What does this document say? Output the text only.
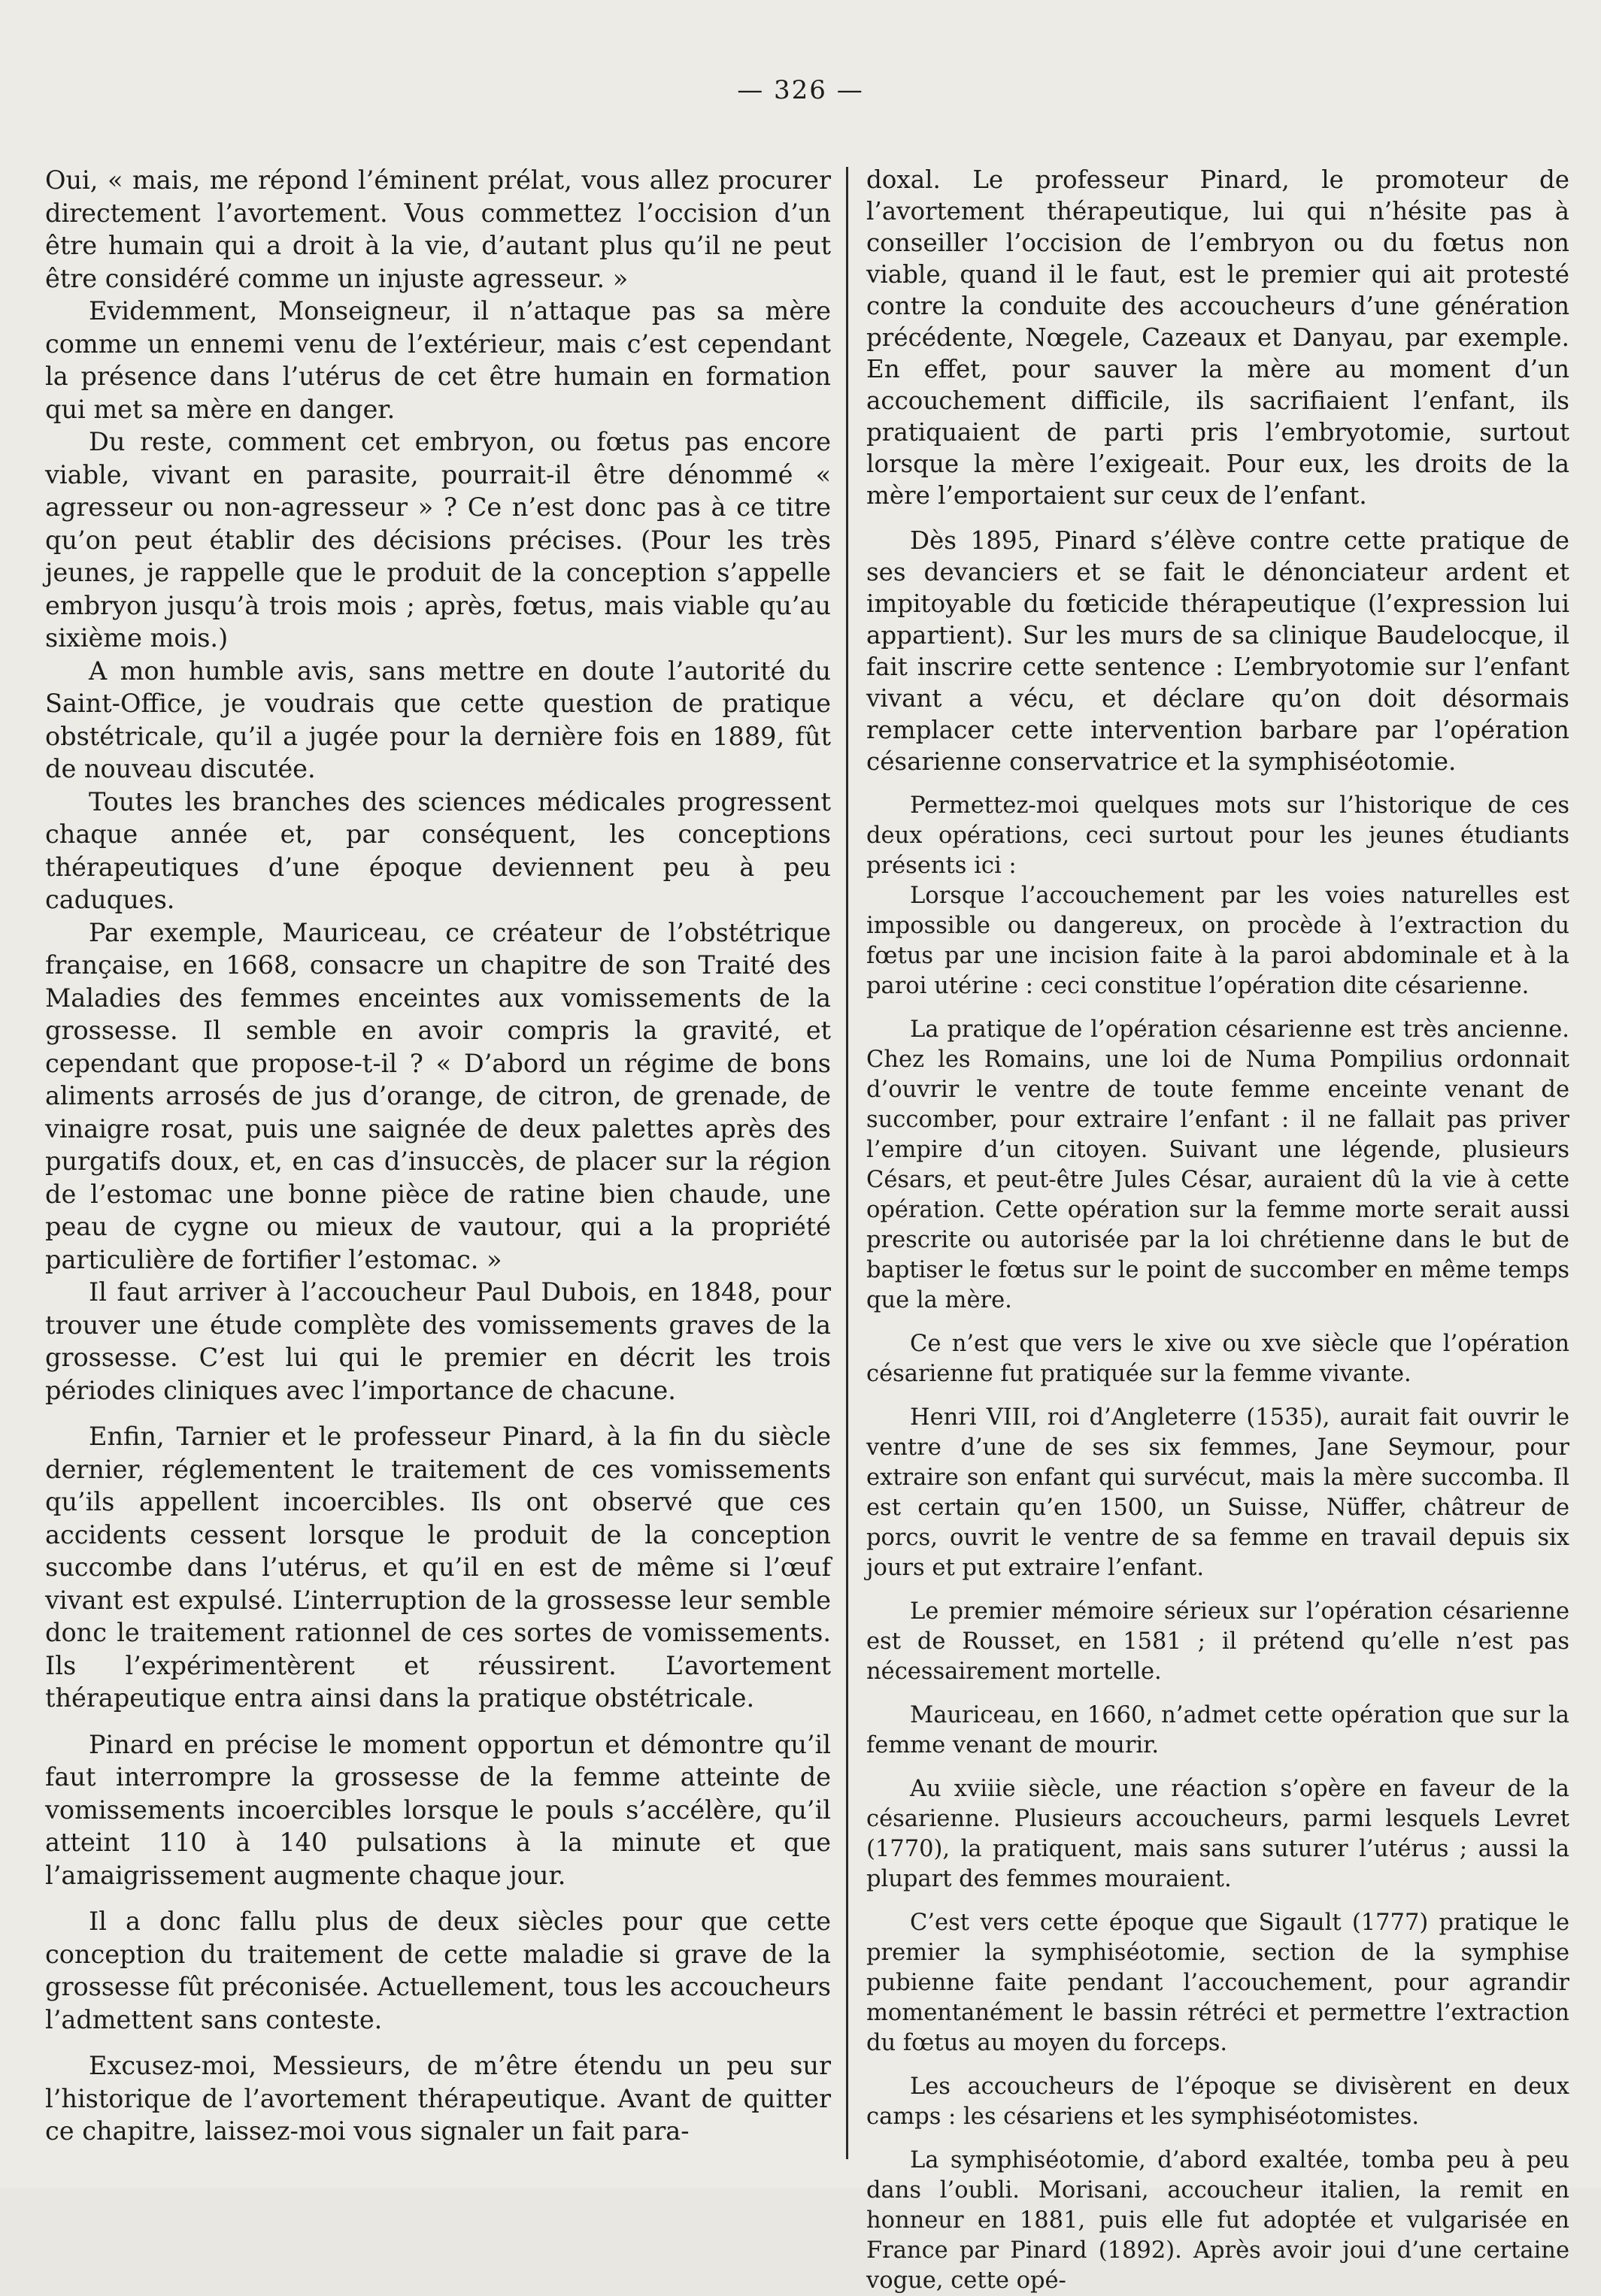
— 326 —

Oui, « mais, me répond l’éminent prélat, vous allez procurer directement l’avortement. Vous commettez l’occision d’un être humain qui a droit à la vie, d’autant plus qu’il ne peut être considéré comme un injuste agresseur. »

Evidemment, Monseigneur, il n’attaque pas sa mère comme un ennemi venu de l’extérieur, mais c’est cependant la présence dans l’utérus de cet être humain en formation qui met sa mère en danger.

Du reste, comment cet embryon, ou fœtus pas encore viable, vivant en parasite, pourrait-il être dénommé « agresseur ou non-agresseur » ? Ce n’est donc pas à ce titre qu’on peut établir des décisions précises. (Pour les très jeunes, je rappelle que le produit de la conception s’appelle embryon jusqu’à trois mois ; après, fœtus, mais viable qu’au sixième mois.)

A mon humble avis, sans mettre en doute l’autorité du Saint-Office, je voudrais que cette question de pratique obstétricale, qu’il a jugée pour la dernière fois en 1889, fût de nouveau discutée.

Toutes les branches des sciences médicales progressent chaque année et, par conséquent, les conceptions thérapeutiques d’une époque deviennent peu à peu caduques.

Par exemple, Mauriceau, ce créateur de l’obstétrique française, en 1668, consacre un chapitre de son Traité des Maladies des femmes enceintes aux vomissements de la grossesse. Il semble en avoir compris la gravité, et cependant que propose-t-il ? « D’abord un régime de bons aliments arrosés de jus d’orange, de citron, de grenade, de vinaigre rosat, puis une saignée de deux palettes après des purgatifs doux, et, en cas d’insuccès, de placer sur la région de l’estomac une bonne pièce de ratine bien chaude, une peau de cygne ou mieux de vautour, qui a la propriété particulière de fortifier l’estomac. »

Il faut arriver à l’accoucheur Paul Dubois, en 1848, pour trouver une étude complète des vomissements graves de la grossesse. C’est lui qui le premier en décrit les trois périodes cliniques avec l’importance de chacune.

Enfin, Tarnier et le professeur Pinard, à la fin du siècle dernier, réglementent le traitement de ces vomissements qu’ils appellent incoercibles. Ils ont observé que ces accidents cessent lorsque le produit de la conception succombe dans l’utérus, et qu’il en est de même si l’œuf vivant est expulsé. L’interruption de la grossesse leur semble donc le traitement rationnel de ces sortes de vomissements. Ils l’expérimentèrent et réussirent. L’avortement thérapeutique entra ainsi dans la pratique obstétricale.

Pinard en précise le moment opportun et démontre qu’il faut interrompre la grossesse de la femme atteinte de vomissements incoercibles lorsque le pouls s’accélère, qu’il atteint 110 à 140 pulsations à la minute et que l’amaigrissement augmente chaque jour.

Il a donc fallu plus de deux siècles pour que cette conception du traitement de cette maladie si grave de la grossesse fût préconisée. Actuellement, tous les accoucheurs l’admettent sans conteste.

Excusez-moi, Messieurs, de m’être étendu un peu sur l’historique de l’avortement thérapeutique. Avant de quitter ce chapitre, laissez-moi vous signaler un fait para-

doxal. Le professeur Pinard, le promoteur de l’avortement thérapeutique, lui qui n’hésite pas à conseiller l’occision de l’embryon ou du fœtus non viable, quand il le faut, est le premier qui ait protesté contre la conduite des accoucheurs d’une génération précédente, Nœgele, Cazeaux et Danyau, par exemple. En effet, pour sauver la mère au moment d’un accouchement difficile, ils sacrifiaient l’enfant, ils pratiquaient de parti pris l’embryotomie, surtout lorsque la mère l’exigeait. Pour eux, les droits de la mère l’emportaient sur ceux de l’enfant.

Dès 1895, Pinard s’élève contre cette pratique de ses devanciers et se fait le dénonciateur ardent et impitoyable du fœticide thérapeutique (l’expression lui appartient). Sur les murs de sa clinique Baudelocque, il fait inscrire cette sentence : L’embryotomie sur l’enfant vivant a vécu, et déclare qu’on doit désormais remplacer cette intervention barbare par l’opération césarienne conservatrice et la symphiséotomie.

Permettez-moi quelques mots sur l’historique de ces deux opérations, ceci surtout pour les jeunes étudiants présents ici :

Lorsque l’accouchement par les voies naturelles est impossible ou dangereux, on procède à l’extraction du fœtus par une incision faite à la paroi abdominale et à la paroi utérine : ceci constitue l’opération dite césarienne.

La pratique de l’opération césarienne est très ancienne. Chez les Romains, une loi de Numa Pompilius ordonnait d’ouvrir le ventre de toute femme enceinte venant de succomber, pour extraire l’enfant : il ne fallait pas priver l’empire d’un citoyen. Suivant une légende, plusieurs Césars, et peut-être Jules César, auraient dû la vie à cette opération. Cette opération sur la femme morte serait aussi prescrite ou autorisée par la loi chrétienne dans le but de baptiser le fœtus sur le point de succomber en même temps que la mère.

Ce n’est que vers le xive ou xve siècle que l’opération césarienne fut pratiquée sur la femme vivante.

Henri VIII, roi d’Angleterre (1535), aurait fait ouvrir le ventre d’une de ses six femmes, Jane Seymour, pour extraire son enfant qui survécut, mais la mère succomba. Il est certain qu’en 1500, un Suisse, Nüffer, châtreur de porcs, ouvrit le ventre de sa femme en travail depuis six jours et put extraire l’enfant.

Le premier mémoire sérieux sur l’opération césarienne est de Rousset, en 1581 ; il prétend qu’elle n’est pas nécessairement mortelle.

Mauriceau, en 1660, n’admet cette opération que sur la femme venant de mourir.

Au xviiie siècle, une réaction s’opère en faveur de la césarienne. Plusieurs accoucheurs, parmi lesquels Levret (1770), la pratiquent, mais sans suturer l’utérus ; aussi la plupart des femmes mouraient.

C’est vers cette époque que Sigault (1777) pratique le premier la symphiséotomie, section de la symphise pubienne faite pendant l’accouchement, pour agrandir momentanément le bassin rétréci et permettre l’extraction du fœtus au moyen du forceps.

Les accoucheurs de l’époque se divisèrent en deux camps : les césariens et les symphiséotomistes.

La symphiséotomie, d’abord exaltée, tomba peu à peu dans l’oubli. Morisani, accoucheur italien, la remit en honneur en 1881, puis elle fut adoptée et vulgarisée en France par Pinard (1892). Après avoir joui d’une certaine vogue, cette opé-
